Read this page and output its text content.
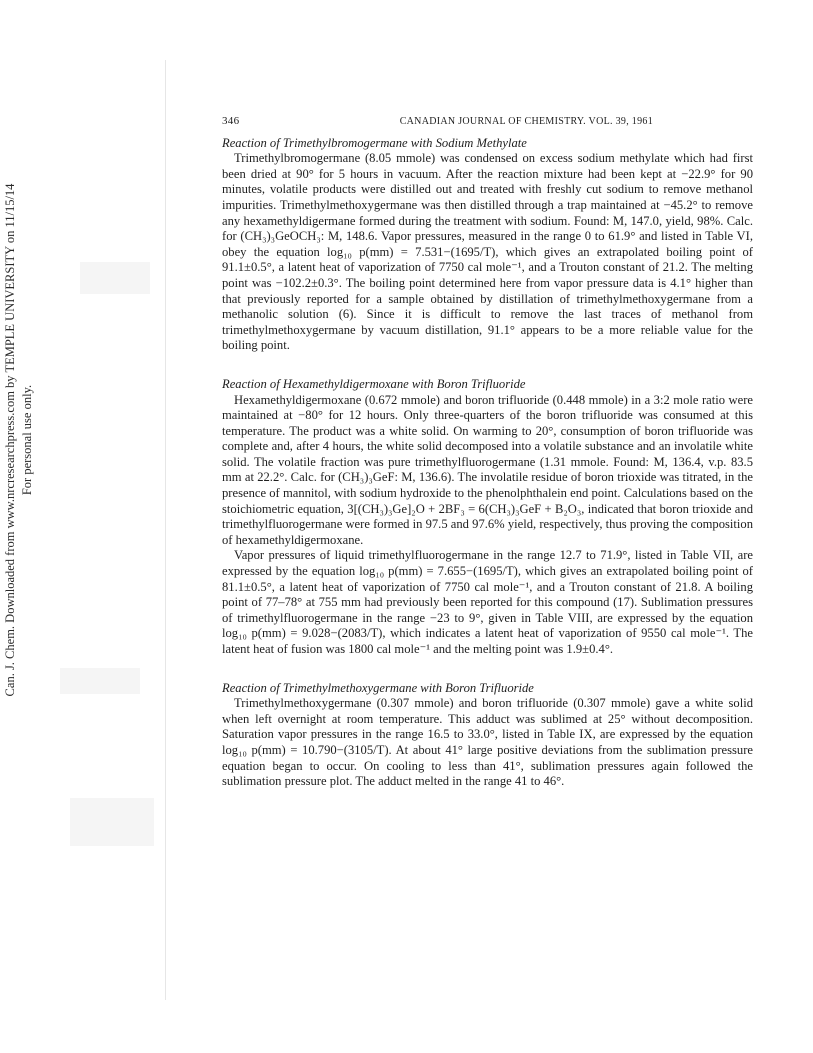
Can. J. Chem. Downloaded from www.nrcresearchpress.com by TEMPLE UNIVERSITY on 11/15/14 For personal use only.
346	CANADIAN JOURNAL OF CHEMISTRY. VOL. 39, 1961
Reaction of Trimethylbromogermane with Sodium Methylate

Trimethylbromogermane (8.05 mmole) was condensed on excess sodium methylate which had first been dried at 90° for 5 hours in vacuum. After the reaction mixture had been kept at −22.9° for 90 minutes, volatile products were distilled out and treated with freshly cut sodium to remove methanol impurities. Trimethylmethoxygermane was then distilled through a trap maintained at −45.2° to remove any hexamethyldigermane formed during the treatment with sodium. Found: M, 147.0, yield, 98%. Calc. for (CH₃)₃GeOCH₃: M, 148.6. Vapor pressures, measured in the range 0 to 61.9° and listed in Table VI, obey the equation log₁₀ p(mm) = 7.531−(1695/T), which gives an extrapolated boiling point of 91.1±0.5°, a latent heat of vaporization of 7750 cal mole⁻¹, and a Trouton constant of 21.2. The melting point was −102.2±0.3°. The boiling point determined here from vapor pressure data is 4.1° higher than that previously reported for a sample obtained by distillation of trimethylmethoxygermane from a methanolic solution (6). Since it is difficult to remove the last traces of methanol from trimethylmethoxygermane by vacuum distillation, 91.1° appears to be a more reliable value for the boiling point.

Reaction of Hexamethyldigermoxane with Boron Trifluoride

Hexamethyldigermoxane (0.672 mmole) and boron trifluoride (0.448 mmole) in a 3:2 mole ratio were maintained at −80° for 12 hours. Only three-quarters of the boron trifluoride was consumed at this temperature. The product was a white solid. On warming to 20°, consumption of boron trifluoride was complete and, after 4 hours, the white solid decomposed into a volatile substance and an involatile white solid. The volatile fraction was pure trimethylfluorogermane (1.31 mmole. Found: M, 136.4, v.p. 83.5 mm at 22.2°. Calc. for (CH₃)₃GeF: M, 136.6). The involatile residue of boron trioxide was titrated, in the presence of mannitol, with sodium hydroxide to the phenolphthalein end point. Calculations based on the stoichiometric equation, 3[(CH₃)₃Ge]₂O + 2BF₃ = 6(CH₃)₃GeF + B₂O₃, indicated that boron trioxide and trimethylfluorogermane were formed in 97.5 and 97.6% yield, respectively, thus proving the composition of hexamethyldigermoxane.

Vapor pressures of liquid trimethylfluorogermane in the range 12.7 to 71.9°, listed in Table VII, are expressed by the equation log₁₀ p(mm) = 7.655−(1695/T), which gives an extrapolated boiling point of 81.1±0.5°, a latent heat of vaporization of 7750 cal mole⁻¹, and a Trouton constant of 21.8. A boiling point of 77–78° at 755 mm had previously been reported for this compound (17). Sublimation pressures of trimethylfluorogermane in the range −23 to 9°, given in Table VIII, are expressed by the equation log₁₀ p(mm) = 9.028−(2083/T), which indicates a latent heat of vaporization of 9550 cal mole⁻¹. The latent heat of fusion was 1800 cal mole⁻¹ and the melting point was 1.9±0.4°.

Reaction of Trimethylmethoxygermane with Boron Trifluoride

Trimethylmethoxygermane (0.307 mmole) and boron trifluoride (0.307 mmole) gave a white solid when left overnight at room temperature. This adduct was sublimed at 25° without decomposition. Saturation vapor pressures in the range 16.5 to 33.0°, listed in Table IX, are expressed by the equation log₁₀ p(mm) = 10.790−(3105/T). At about 41° large positive deviations from the sublimation pressure equation began to occur. On cooling to less than 41°, sublimation pressures again followed the sublimation pressure plot. The adduct melted in the range 41 to 46°.
